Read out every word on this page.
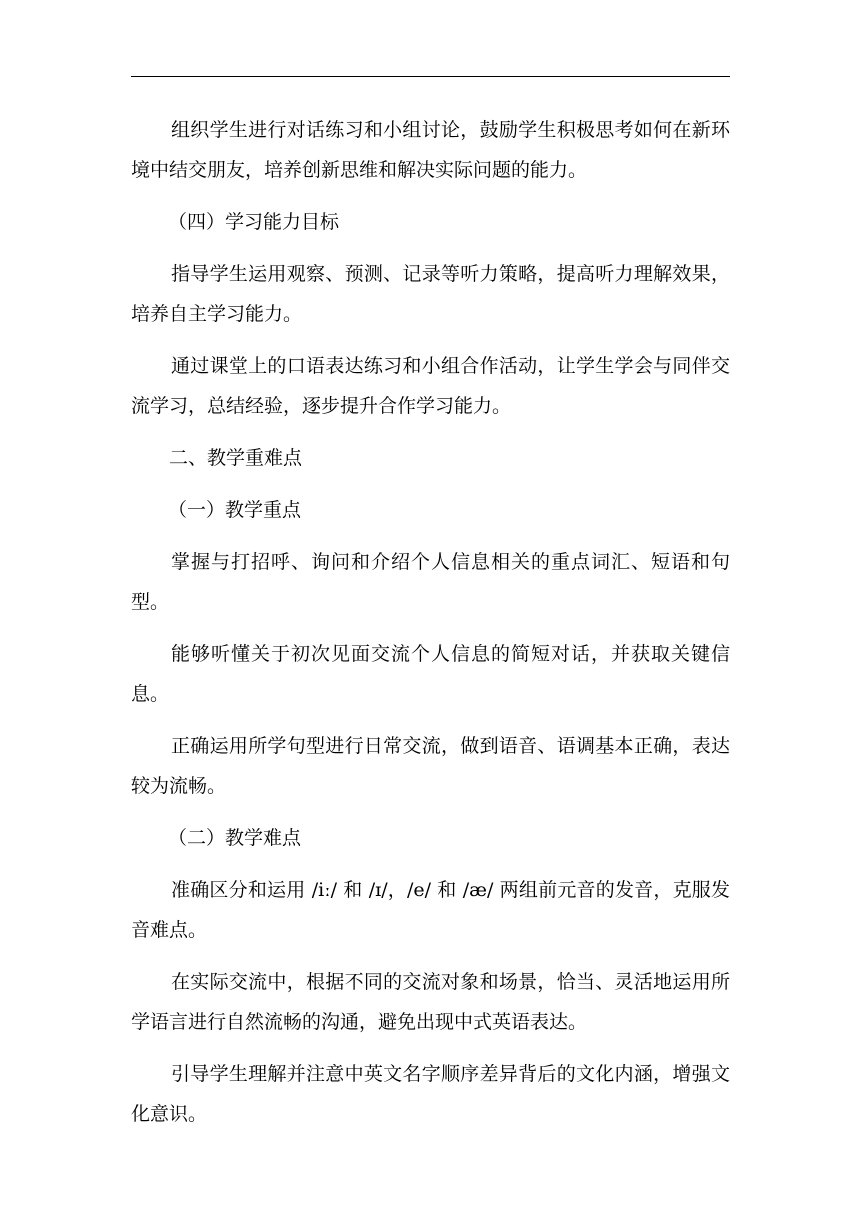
组织学生进行对话练习和小组讨论，鼓励学生积极思考如何在新环境中结交朋友，培养创新思维和解决实际问题的能力。

（四）学习能力目标

指导学生运用观察、预测、记录等听力策略，提高听力理解效果，培养自主学习能力。

通过课堂上的口语表达练习和小组合作活动，让学生学会与同伴交流学习，总结经验，逐步提升合作学习能力。

二、教学重难点

（一）教学重点

掌握与打招呼、询问和介绍个人信息相关的重点词汇、短语和句型。

能够听懂关于初次见面交流个人信息的简短对话，并获取关键信息。

正确运用所学句型进行日常交流，做到语音、语调基本正确，表达较为流畅。

（二）教学难点

准确区分和运用 /iː/ 和 /ɪ/，/e/ 和 /æ/ 两组前元音的发音，克服发音难点。

在实际交流中，根据不同的交流对象和场景，恰当、灵活地运用所学语言进行自然流畅的沟通，避免出现中式英语表达。

引导学生理解并注意中英文名字顺序差异背后的文化内涵，增强文化意识。
